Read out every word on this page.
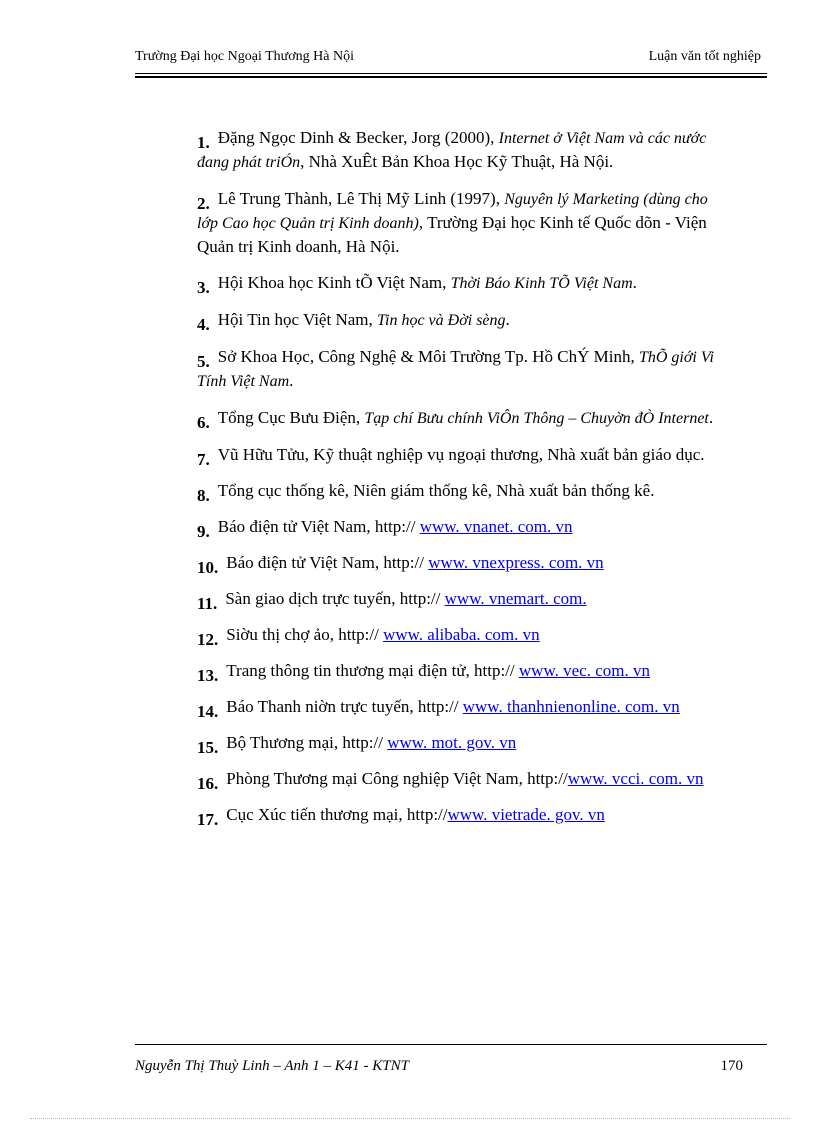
Trường Đại học Ngoại Thương Hà Nội	Luận văn tốt nghiệp
1. Đặng Ngọc Dinh & Becker, Jorg (2000), Internet ở Việt Nam và các nước đang phát triÓn, Nhà XuÊt Bản Khoa Học Kỹ Thuật, Hà Nội.
2. Lê Trung Thành, Lê Thị Mỹ Linh (1997), Nguyên lý Marketing (dùng cho lớp Cao học Quản trị Kinh doanh), Trường Đại học Kinh tế Quốc dõn - Viện Quản trị Kinh doanh, Hà Nội.
3. Hội Khoa học Kinh tÕ Việt Nam, Thời Báo Kinh TÕ Việt Nam.
4. Hội Tin học Việt Nam, Tin học và Đời sèng.
5. Sở Khoa Học, Công Nghệ & Môi Trường Tp. Hồ ChÝ Minh, ThÕ giới Vi Tính Việt Nam.
6. Tổng Cục Bưu Điện, Tạp chí Bưu chính ViÔn Thông – Chuyờn đÒ Internet.
7. Vũ Hữu Tửu, Kỹ thuật nghiệp vụ ngoại thương, Nhà xuất bản giáo dục.
8. Tổng cục thống kê, Niên giám thống kê, Nhà xuất bản thống kê.
9. Báo điện tử Việt Nam, http:// www. vnanet. com. vn
10. Báo điện tử Việt Nam, http:// www. vnexpress. com. vn
11. Sàn giao dịch trực tuyến, http:// www. vnemart. com.
12. Siờu thị chợ ảo, http:// www. alibaba. com. vn
13. Trang thông tin thương mại điện tử, http:// www. vec. com. vn
14. Báo Thanh niờn trực tuyến, http:// www. thanhnienonline. com. vn
15. Bộ Thương mại, http:// www. mot. gov. vn
16. Phòng Thương mại Công nghiệp Việt Nam, http://www. vcci. com. vn
17. Cục Xúc tiến thương mại, http://www. vietrade. gov. vn
Nguyễn Thị Thuỳ Linh – Anh 1 – K41 - KTNT	170
